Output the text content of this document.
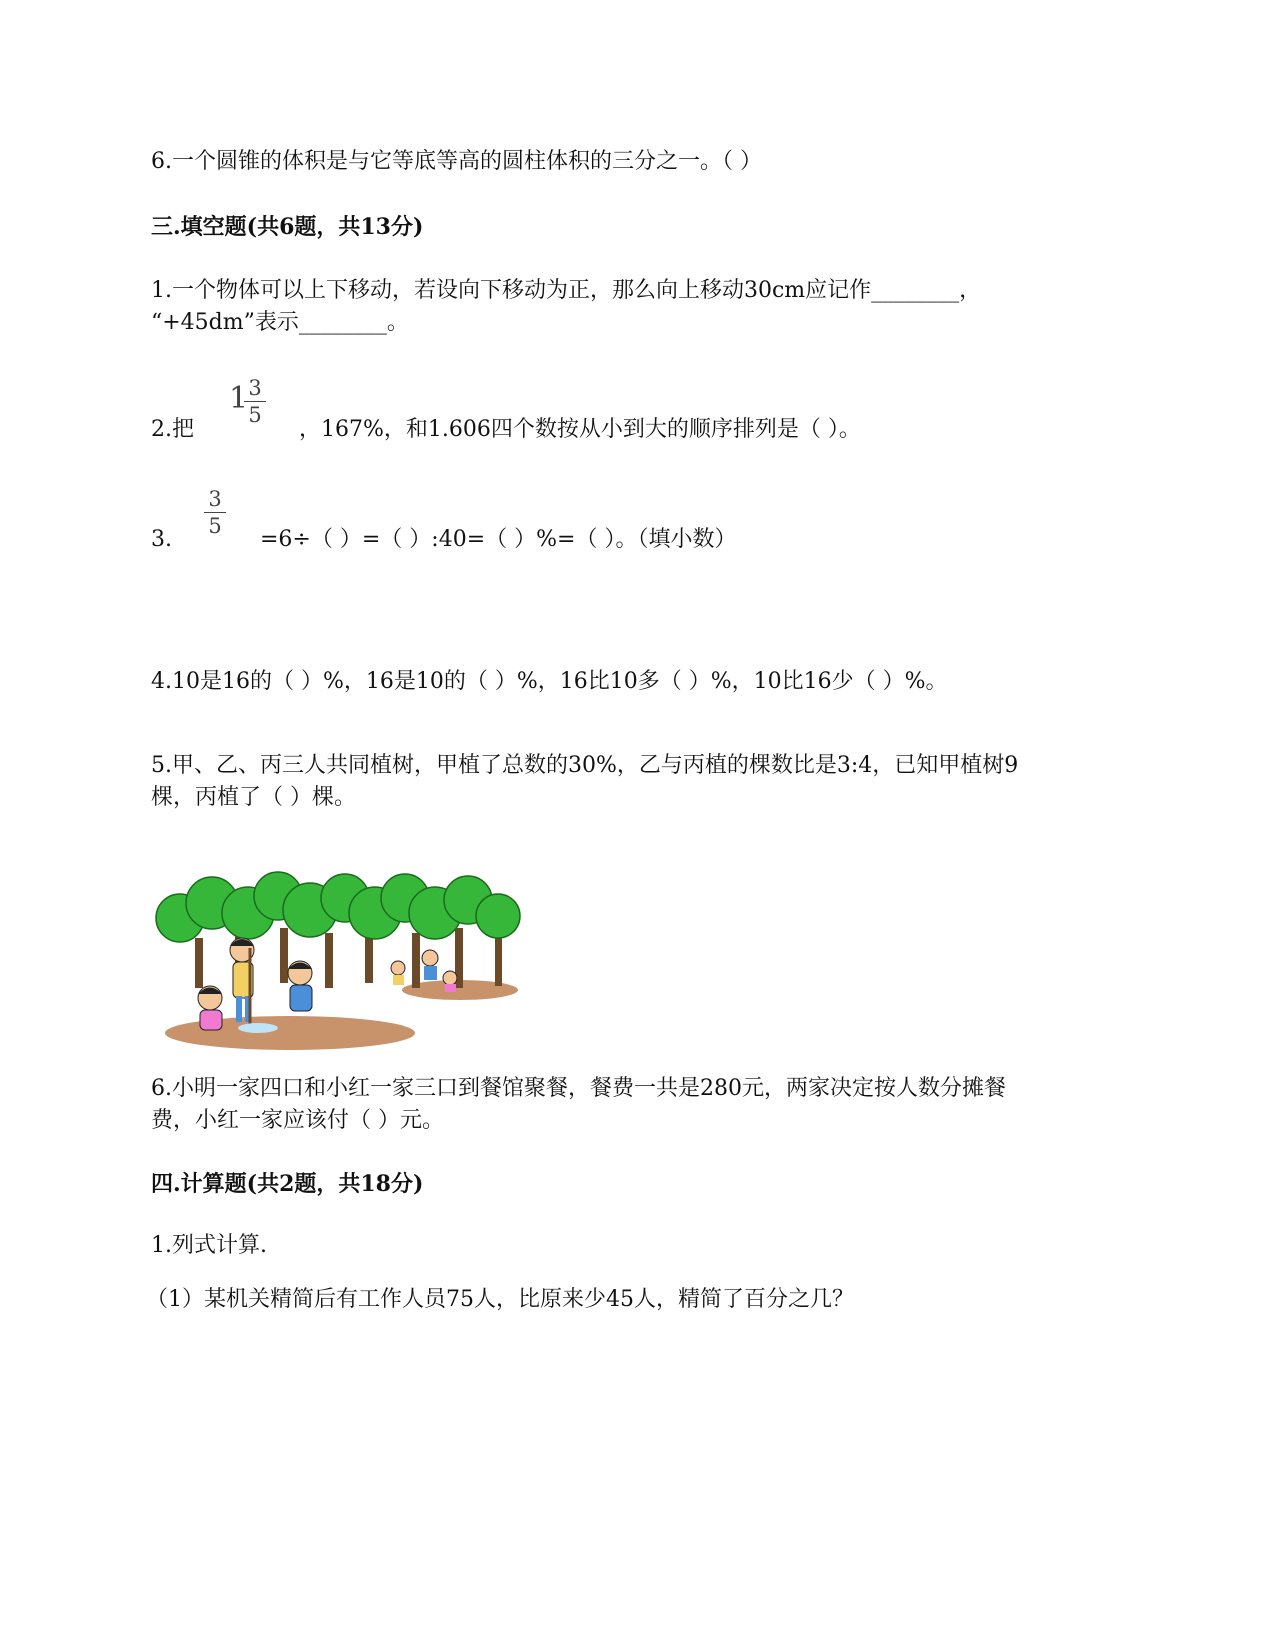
6.一个圆锥的体积是与它等底等高的圆柱体积的三分之一。（ ）
三.填空题(共6题，共13分)
1.一个物体可以上下移动，若设向下移动为正，那么向上移动30cm应记作________，
“+45dm”表示________。
2.把
1 3
5
，167%，和1.606四个数按从小到大的顺序排列是（ ）。
3.
3
5
=6÷（ ）=（ ）:40=（ ）%=（ ）。（填小数）
4.10是16的（ ）%，16是10的（ ）%，16比10多（ ）%，10比16少（ ）%。
5.甲、乙、丙三人共同植树，甲植了总数的30%，乙与丙植的棵数比是3:4，已知甲植树9
棵，丙植了（ ）棵。
6.小明一家四口和小红一家三口到餐馆聚餐，餐费一共是280元，两家决定按人数分摊餐
费，小红一家应该付（ ）元。
四.计算题(共2题，共18分)
1.列式计算.
（1）某机关精简后有工作人员75人，比原来少45人，精简了百分之几？
